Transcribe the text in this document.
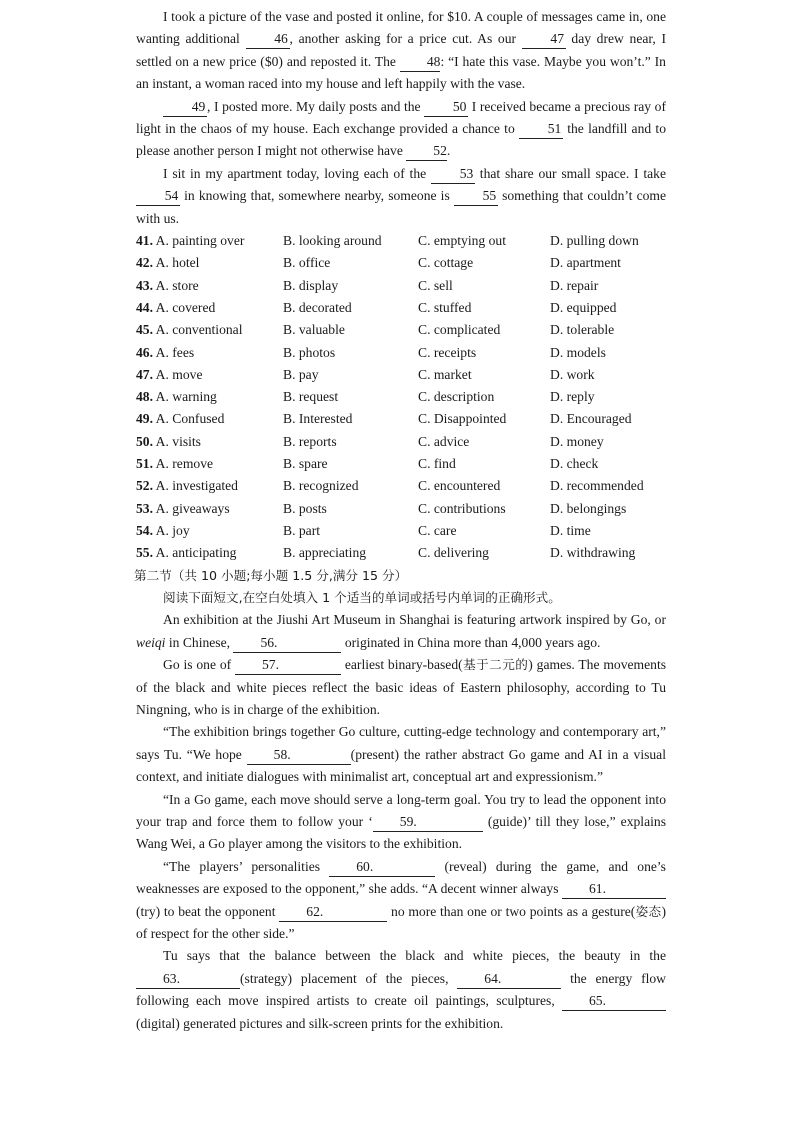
I took a picture of the vase and posted it online, for $10. A couple of messages came in, one wanting additional	46 , another asking for a price cut. As our	47 day drew near, I settled on a new price ($0) and reposted it. The 48: “I hate this vase. Maybe you won’t.” In an instant, a woman raced into my house and left happily with the vase.

49 , I posted more. My daily posts and the 50 I received became a precious ray of light in the chaos of my house. Each exchange provided a chance to 51 the landfill and to please another person I might not otherwise have 52.

I sit in my apartment today, loving each of the 53 that share our small space. I take 54 in knowing that, somewhere nearby, someone is 55 something that couldn’t come with us.

41. A. painting over	B. looking around	C. emptying out	D. pulling down
42. A. hotel	B. office	C. cottage	D. apartment
43. A. store	B. display	C. sell	D. repair
44. A. covered	B. decorated	C. stuffed	D. equipped
45. A. conventional	B. valuable	C. complicated	D. tolerable
46. A. fees	B. photos	C. receipts	D. models
47. A. move	B. pay	C. market	D. work
48. A. warning	B. request	C. description	D. reply
49. A. Confused	B. Interested	C. Disappointed	D. Encouraged
50. A. visits	B. reports	C. advice	D. money
51. A. remove	B. spare	C. find	D. check
52. A. investigated	B. recognized	C. encountered	D. recommended
53. A. giveaways	B. posts	C. contributions	D. belongings
54. A. joy	B. part	C. care	D. time
55. A. anticipating	B. appreciating	C. delivering	D. withdrawing

第二节（共 10 小题;每小题 1.5 分,满分 15 分）

阅读下面短文,在空白处填入 1 个适当的单词或括号内单词的正确形式。

An exhibition at the Jiushi Art Museum in Shanghai is featuring artwork inspired by Go, or weiqi in Chinese, 56.	originated in China more than 4,000 years ago.

Go is one of 57.	earliest binary-based(基于二元的) games. The movements of the black and white pieces reflect the basic ideas of Eastern philosophy, according to Tu Ningning, who is in charge of the exhibition.

“The exhibition brings together Go culture, cutting-edge technology and contemporary art,” says Tu. “We hope 58.	(present) the rather abstract Go game and AI in a visual context, and initiate dialogues with minimalist art, conceptual art and expressionism.”

“In a Go game, each move should serve a long-term goal. You try to lead the opponent into your trap and force them to follow your ‘ 59.	(guide)’ till they lose,” explains Wang Wei, a Go player among the visitors to the exhibition.

“The players’ personalities	60.	(reveal) during the game, and one’s weaknesses are exposed to the opponent,” she adds. “A decent winner always 61.(try) to beat the opponent 62.	no more than one or two points as a gesture(姿态) of respect for the other side.”

Tu says that the balance between the black and white pieces, the beauty in the 63.	(strategy) placement of the pieces,	64.	the energy flow following each move inspired artists to create oil paintings, sculptures,	65.(digital) generated pictures and silk-screen prints for the exhibition.
